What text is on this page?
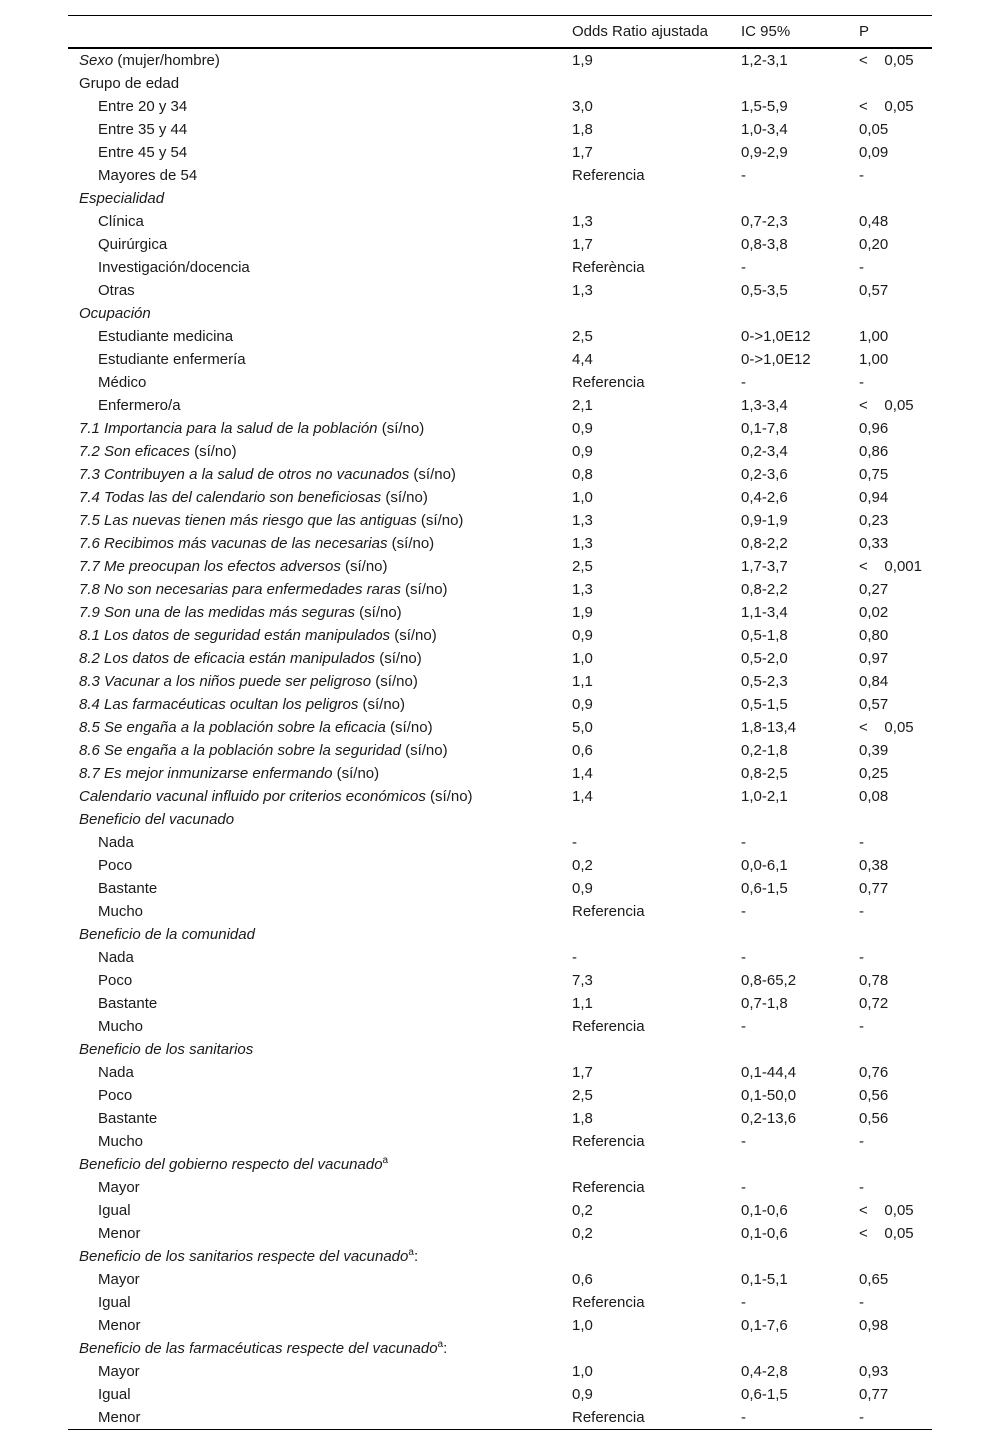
	Odds Ratio ajustada	IC 95%	P
Sexo (mujer/hombre)	1,9	1,2-3,1	<    0,05
Grupo de edad			
Entre 20 y 34	3,0	1,5-5,9	<    0,05
Entre 35 y 44	1,8	1,0-3,4	0,05
Entre 45 y 54	1,7	0,9-2,9	0,09
Mayores de 54	Referencia	-	-
Especialidad			
Clínica	1,3	0,7-2,3	0,48
Quirúrgica	1,7	0,8-3,8	0,20
Investigación/docencia	Referència	-	-
Otras	1,3	0,5-3,5	0,57
Ocupación			
Estudiante medicina	2,5	0->1,0E12	1,00
Estudiante enfermería	4,4	0->1,0E12	1,00
Médico	Referencia	-	-
Enfermero/a	2,1	1,3-3,4	<    0,05
7.1 Importancia para la salud de la población (sí/no)	0,9	0,1-7,8	0,96
7.2 Son eficaces (sí/no)	0,9	0,2-3,4	0,86
7.3 Contribuyen a la salud de otros no vacunados (sí/no)	0,8	0,2-3,6	0,75
7.4 Todas las del calendario son beneficiosas (sí/no)	1,0	0,4-2,6	0,94
7.5 Las nuevas tienen más riesgo que las antiguas (sí/no)	1,3	0,9-1,9	0,23
7.6 Recibimos más vacunas de las necesarias (sí/no)	1,3	0,8-2,2	0,33
7.7 Me preocupan los efectos adversos (sí/no)	2,5	1,7-3,7	<    0,001
7.8 No son necesarias para enfermedades raras (sí/no)	1,3	0,8-2,2	0,27
7.9 Son una de las medidas más seguras (sí/no)	1,9	1,1-3,4	0,02
8.1 Los datos de seguridad están manipulados (sí/no)	0,9	0,5-1,8	0,80
8.2 Los datos de eficacia están manipulados (sí/no)	1,0	0,5-2,0	0,97
8.3 Vacunar a los niños puede ser peligroso (sí/no)	1,1	0,5-2,3	0,84
8.4 Las farmacéuticas ocultan los peligros (sí/no)	0,9	0,5-1,5	0,57
8.5 Se engaña a la población sobre la eficacia (sí/no)	5,0	1,8-13,4	<    0,05
8.6 Se engaña a la población sobre la seguridad (sí/no)	0,6	0,2-1,8	0,39
8.7 Es mejor inmunizarse enfermando (sí/no)	1,4	0,8-2,5	0,25
Calendario vacunal influido por criterios económicos (sí/no)	1,4	1,0-2,1	0,08
Beneficio del vacunado			
Nada	-	-	-
Poco	0,2	0,0-6,1	0,38
Bastante	0,9	0,6-1,5	0,77
Mucho	Referencia	-	-
Beneficio de la comunidad			
Nada	-	-	-
Poco	7,3	0,8-65,2	0,78
Bastante	1,1	0,7-1,8	0,72
Mucho	Referencia	-	-
Beneficio de los sanitarios			
Nada	1,7	0,1-44,4	0,76
Poco	2,5	0,1-50,0	0,56
Bastante	1,8	0,2-13,6	0,56
Mucho	Referencia	-	-
Beneficio del gobierno respecto del vacunado$^a$			
Mayor	Referencia	-	-
Igual	0,2	0,1-0,6	<    0,05
Menor	0,2	0,1-0,6	<    0,05
Beneficio de los sanitarios respecte del vacunado$^a$:			
Mayor	0,6	0,1-5,1	0,65
Igual	Referencia	-	-
Menor	1,0	0,1-7,6	0,98
Beneficio de las farmacéuticas respecte del vacunado$^a$:			
Mayor	1,0	0,4-2,8	0,93
Igual	0,9	0,6-1,5	0,77
Menor	Referencia	-	-
